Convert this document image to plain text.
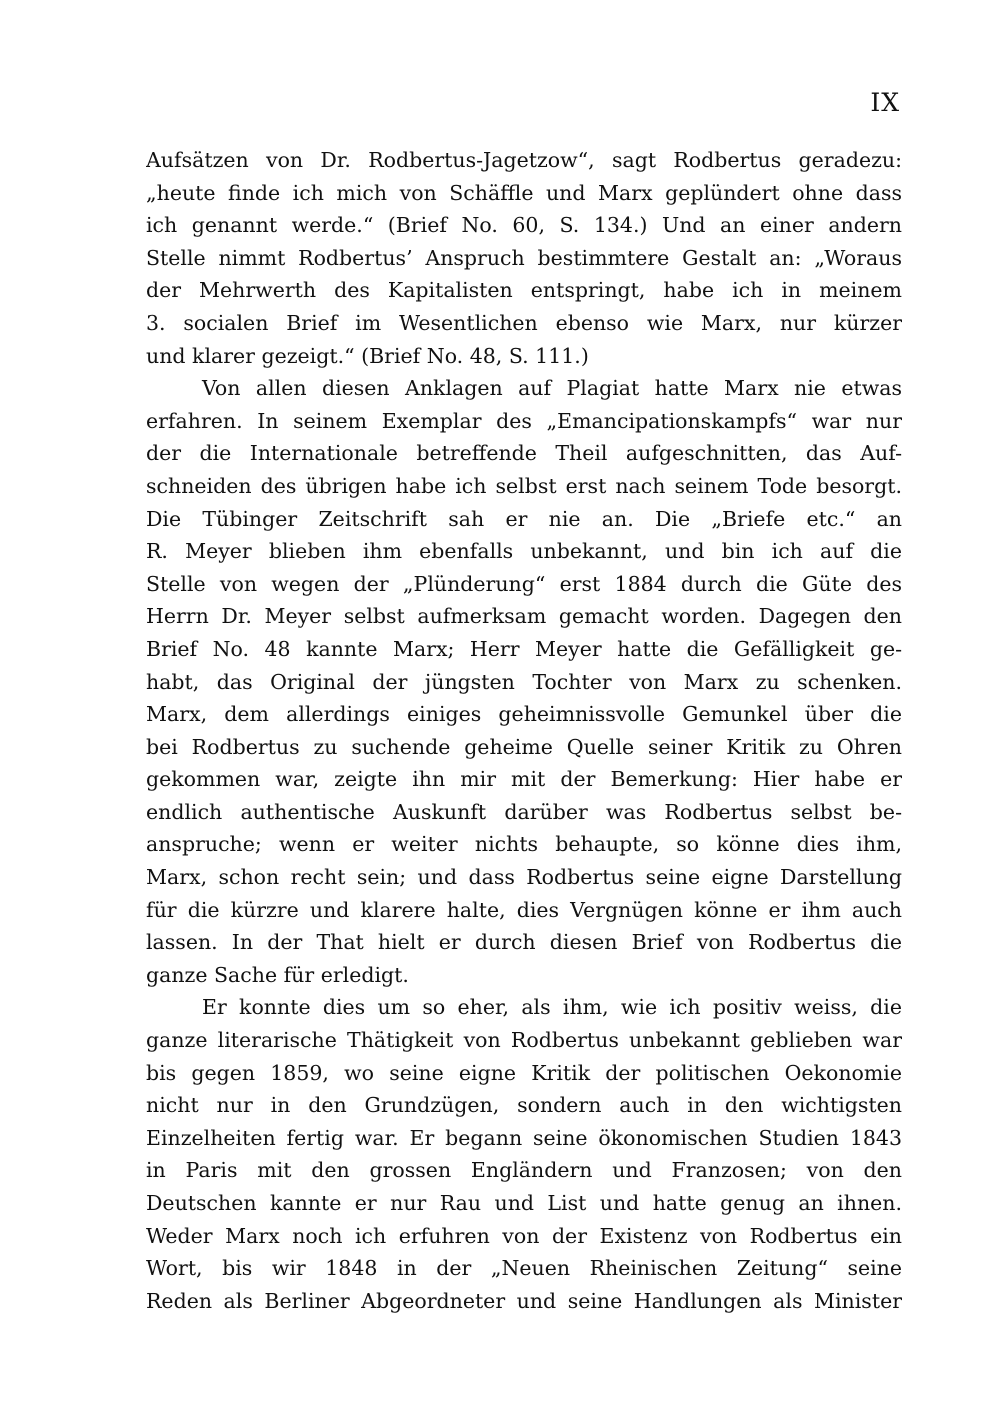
IX
Aufsätzen von Dr. Rodbertus-Jagetzow“, sagt Rodbertus geradezu:
„heute finde ich mich von Schäffle und Marx geplündert ohne dass
ich genannt werde.“ (Brief No. 60, S. 134.) Und an einer andern
Stelle nimmt Rodbertus’ Anspruch bestimmtere Gestalt an: „Woraus
der Mehrwerth des Kapitalisten entspringt, habe ich in meinem
3. socialen Brief im Wesentlichen ebenso wie Marx, nur kürzer
und klarer gezeigt.“ (Brief No. 48, S. 111.)
Von allen diesen Anklagen auf Plagiat hatte Marx nie etwas
erfahren. In seinem Exemplar des „Emancipationskampfs“ war nur
der die Internationale betreffende Theil aufgeschnitten, das Auf-
schneiden des übrigen habe ich selbst erst nach seinem Tode besorgt.
Die Tübinger Zeitschrift sah er nie an. Die „Briefe etc.“ an
R. Meyer blieben ihm ebenfalls unbekannt, und bin ich auf die
Stelle von wegen der „Plünderung“ erst 1884 durch die Güte des
Herrn Dr. Meyer selbst aufmerksam gemacht worden. Dagegen den
Brief No. 48 kannte Marx; Herr Meyer hatte die Gefälligkeit ge-
habt, das Original der jüngsten Tochter von Marx zu schenken.
Marx, dem allerdings einiges geheimnissvolle Gemunkel über die
bei Rodbertus zu suchende geheime Quelle seiner Kritik zu Ohren
gekommen war, zeigte ihn mir mit der Bemerkung: Hier habe er
endlich authentische Auskunft darüber was Rodbertus selbst be-
anspruche; wenn er weiter nichts behaupte, so könne dies ihm,
Marx, schon recht sein; und dass Rodbertus seine eigne Darstellung
für die kürzre und klarere halte, dies Vergnügen könne er ihm auch
lassen. In der That hielt er durch diesen Brief von Rodbertus die
ganze Sache für erledigt.
Er konnte dies um so eher, als ihm, wie ich positiv weiss, die
ganze literarische Thätigkeit von Rodbertus unbekannt geblieben war
bis gegen 1859, wo seine eigne Kritik der politischen Oekonomie
nicht nur in den Grundzügen, sondern auch in den wichtigsten
Einzelheiten fertig war. Er begann seine ökonomischen Studien 1843
in Paris mit den grossen Engländern und Franzosen; von den
Deutschen kannte er nur Rau und List und hatte genug an ihnen.
Weder Marx noch ich erfuhren von der Existenz von Rodbertus ein
Wort, bis wir 1848 in der „Neuen Rheinischen Zeitung“ seine
Reden als Berliner Abgeordneter und seine Handlungen als Minister
